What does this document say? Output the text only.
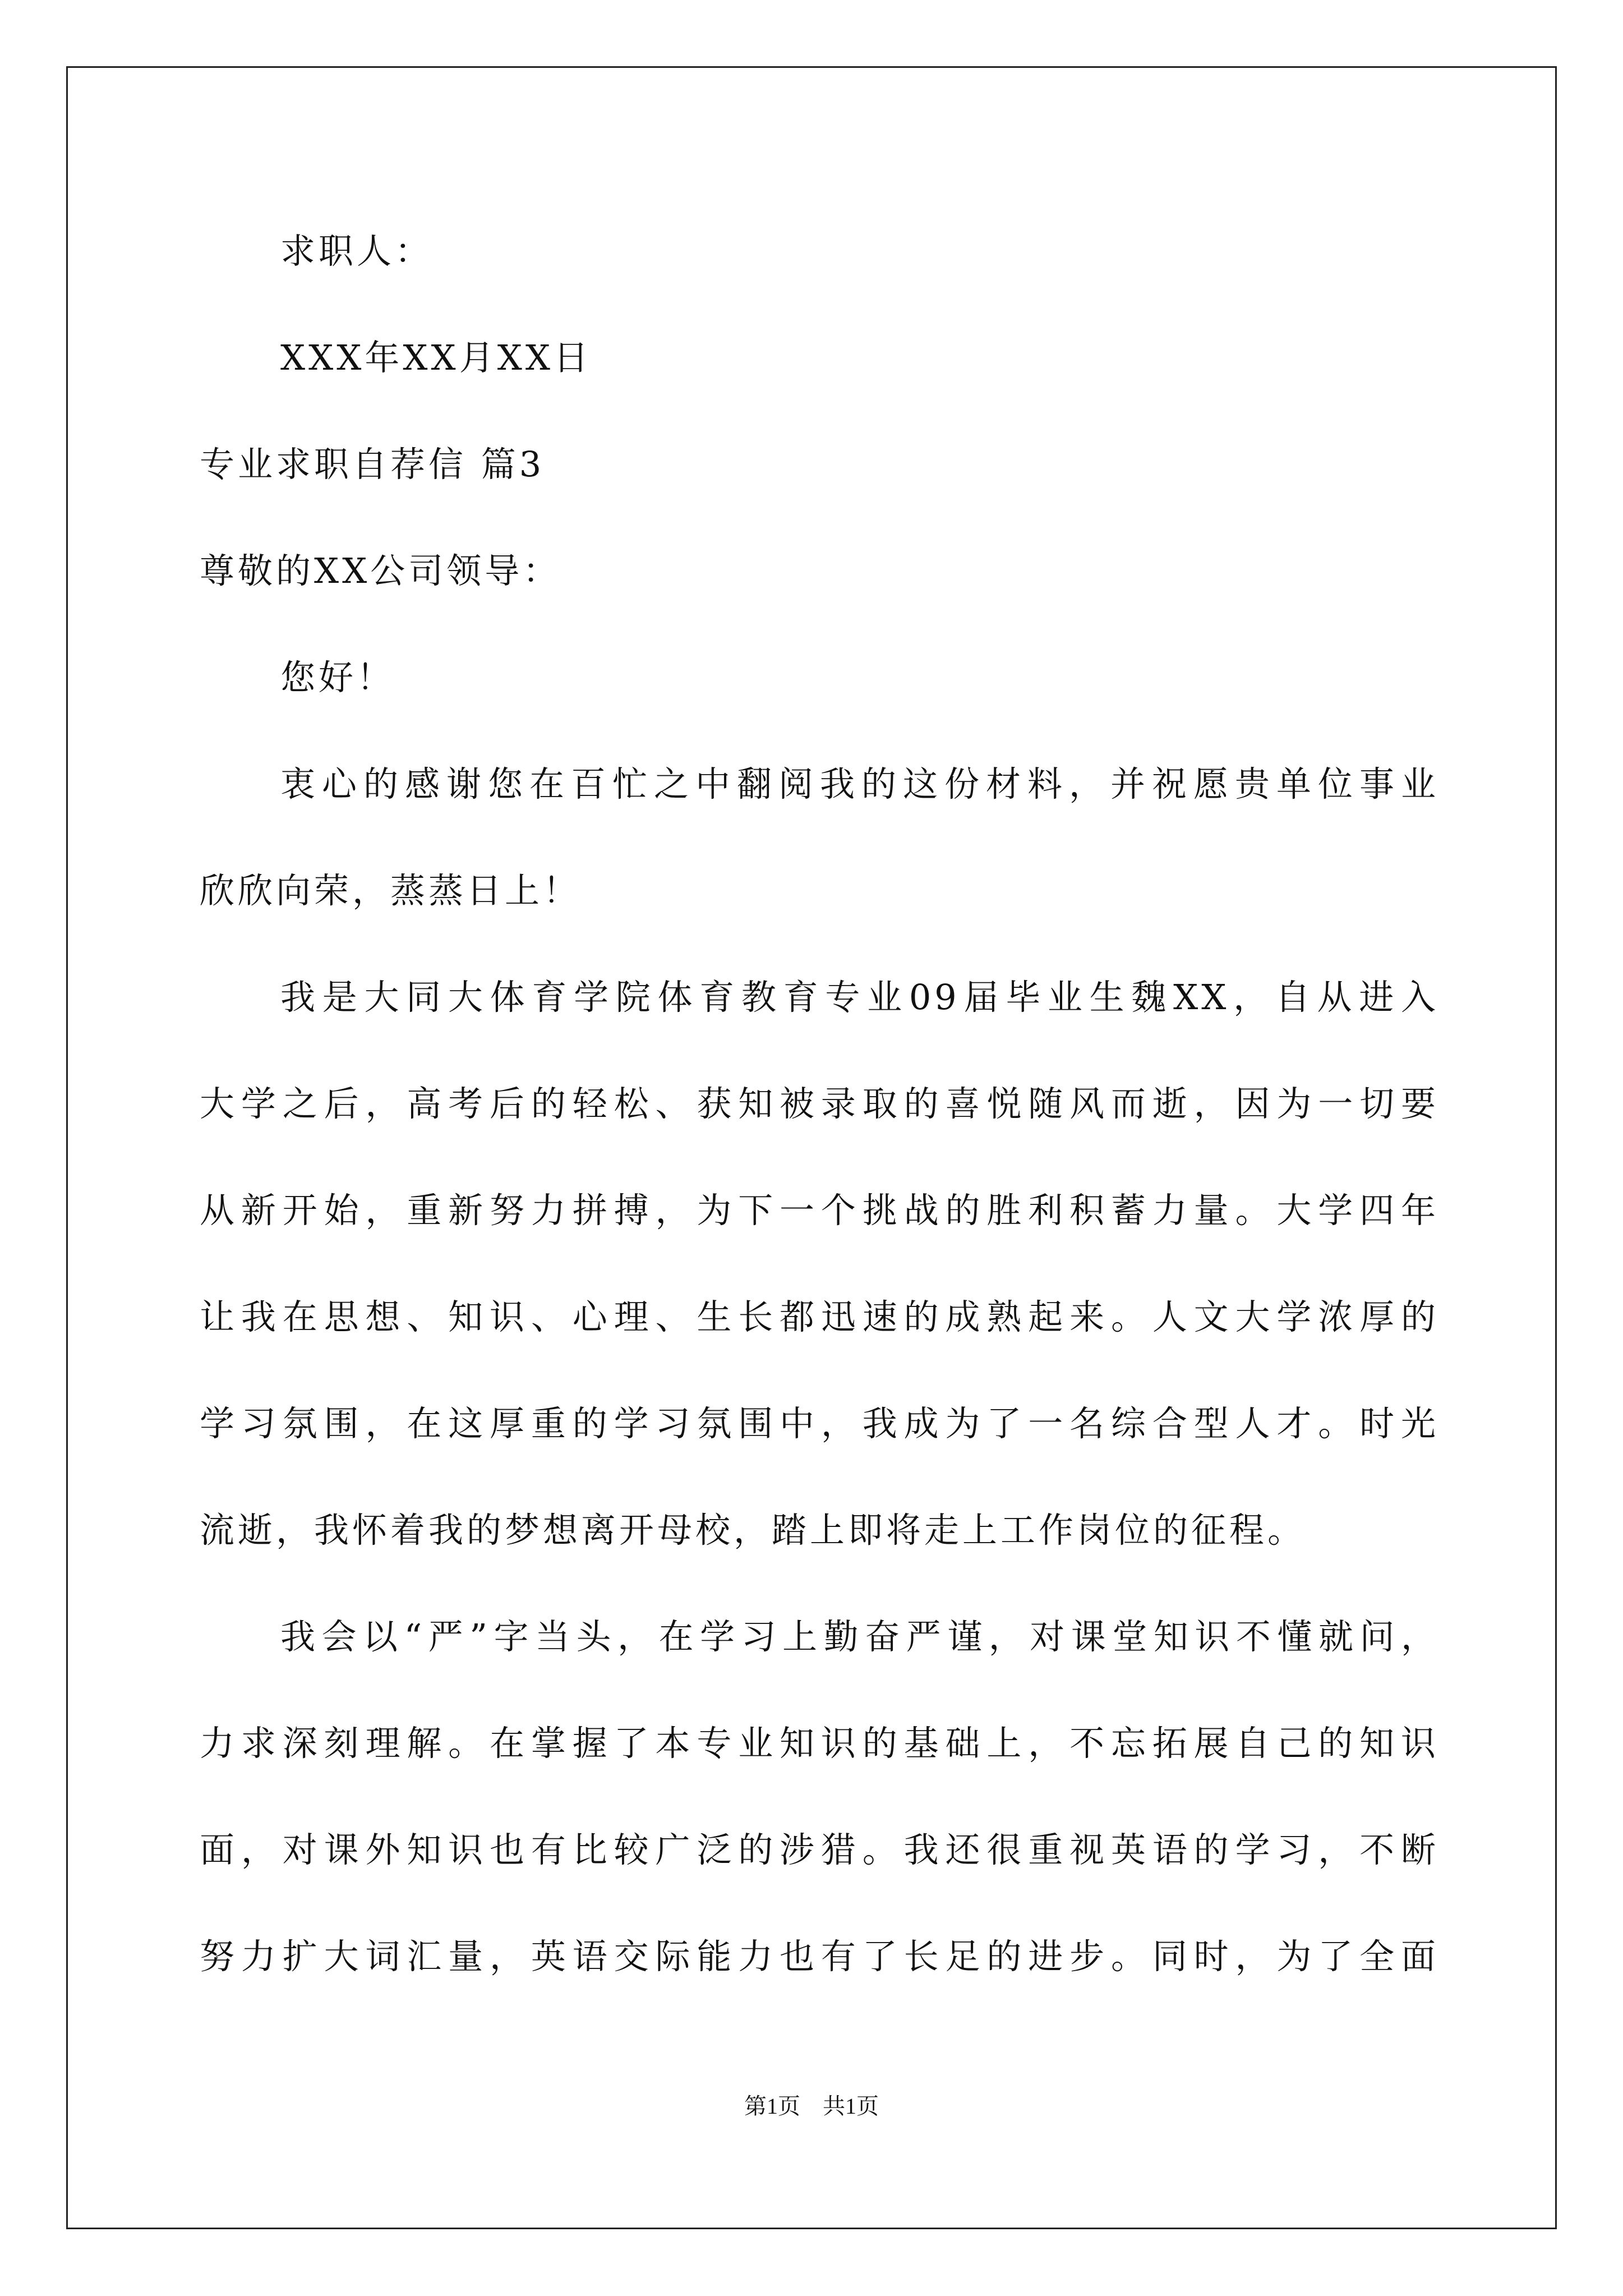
求职人：
XXX年XX月XX日
专业求职自荐信 篇3
尊敬的XX公司领导：
您好！
衷心的感谢您在百忙之中翻阅我的这份材料，并祝愿贵单位事业
欣欣向荣，蒸蒸日上！
我是大同大体育学院体育教育专业09届毕业生魏XX，自从进入
大学之后，高考后的轻松、获知被录取的喜悦随风而逝，因为一切要
从新开始，重新努力拼搏，为下一个挑战的胜利积蓄力量。大学四年
让我在思想、知识、心理、生长都迅速的成熟起来。人文大学浓厚的
学习氛围，在这厚重的学习氛围中，我成为了一名综合型人才。时光
流逝，我怀着我的梦想离开母校，踏上即将走上工作岗位的征程。
我会以“严”字当头，在学习上勤奋严谨，对课堂知识不懂就问，
力求深刻理解。在掌握了本专业知识的基础上，不忘拓展自己的知识
面，对课外知识也有比较广泛的涉猎。我还很重视英语的学习，不断
努力扩大词汇量，英语交际能力也有了长足的进步。同时，为了全面
第1页　共1页
